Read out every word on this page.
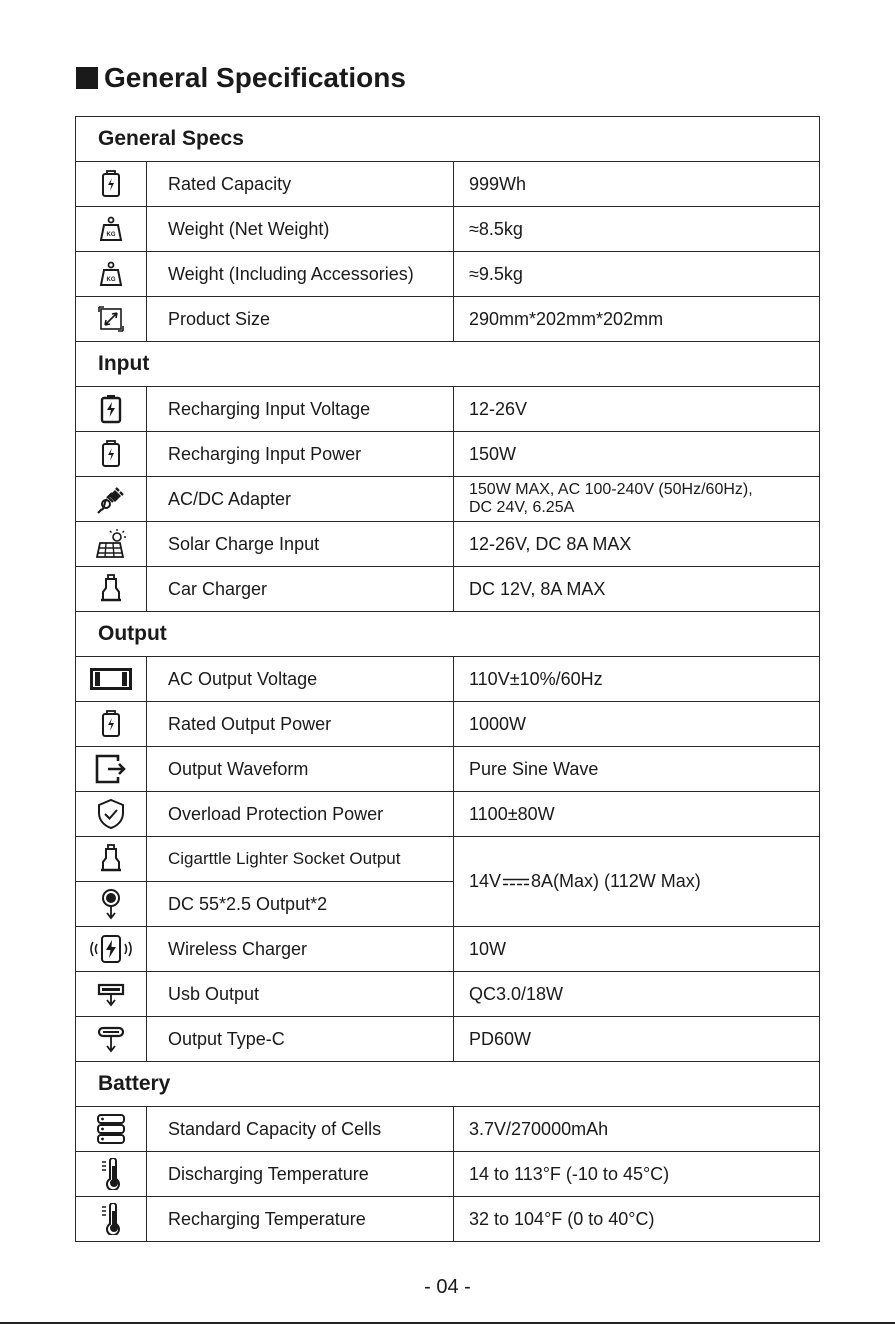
General Specifications
General Specs		

	Rated Capacity	999Wh

KG	Weight (Net Weight)	≈8.5kg

KG	Weight (Including Accessories)	≈9.5kg

	Product Size	290mm*202mm*202mm
Input		

	Recharging Input Voltage	12-26V

	Recharging Input Power	150W

	AC/DC Adapter	150W MAX, AC 100-240V (50Hz/60Hz),
DC 24V, 6.25A

	Solar Charge Input	12-26V, DC 8A MAX

	Car Charger	DC 12V, 8A MAX
Output		

	AC Output Voltage	110V±10%/60Hz

	Rated Output Power	1000W

	Output Waveform	Pure Sine Wave

	Overload Protection Power	1100±80W

	Cigarttle Lighter Socket Output	14V 8A(Max) (112W Max)

	DC 55*2.5 Output*2	

	Wireless Charger	10W

	Usb Output	QC3.0/18W

	Output Type-C	PD60W
Battery		

	Standard Capacity of Cells	3.7V/270000mAh

	Discharging Temperature	14 to 113°F (-10 to 45°C)

	Recharging Temperature	32 to 104°F (0 to 40°C)
- 04 -
